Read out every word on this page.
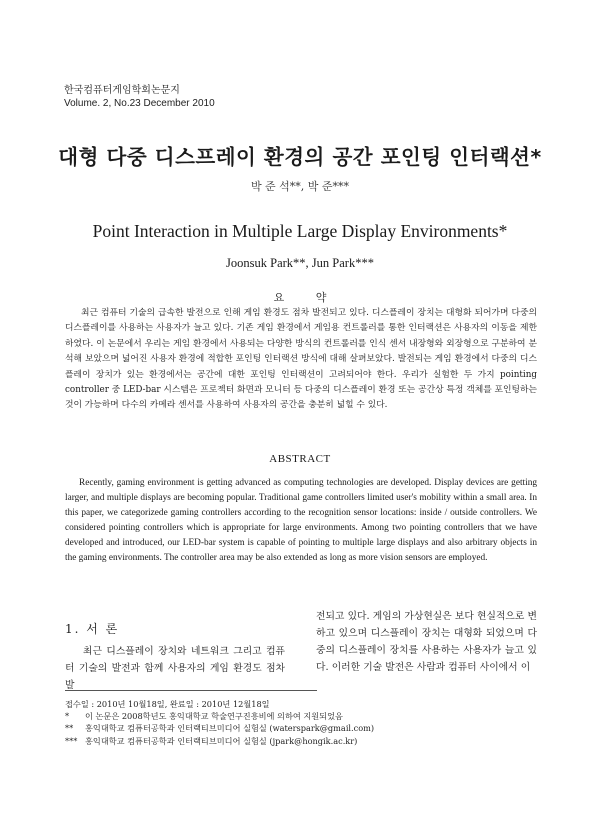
한국컴퓨터게임학회논문지
Volume. 2, No.23 December 2010
대형 다중 디스프레이 환경의 공간 포인팅 인터랙션*
박 준 석**, 박 준***
Point Interaction in Multiple Large Display Environments*
Joonsuk Park**, Jun Park***
요 약

최근 컴퓨터 기술의 급속한 발전으로 인해 게임 환경도 점차 발전되고 있다. 디스플레이 장치는 대형화 되어가며 다중의 디스플레이를 사용하는 사용자가 늘고 있다. 기존 게임 환경에서 게임용 컨트롤러를 통한 인터랙션은 사용자의 이동을 제한하였다. 이 논문에서 우리는 게임 환경에서 사용되는 다양한 방식의 컨트롤러를 인식 센서 내장형와 외장형으로 구분하여 분석해 보았으며 넓어진 사용자 환경에 적합한 포인팅 인터랙션 방식에 대해 살펴보았다. 발전되는 게임 환경에서 다중의 디스플레이 장치가 있는 환경에서는 공간에 대한 포인팅 인터랙션이 고려되어야 한다. 우리가 실험한 두 가지 pointing controller 중 LED-bar 시스템은 프로젝터 화면과 모니터 등 다중의 디스플레이 환경 또는 공간상 특정 객체를 포인팅하는 것이 가능하며 다수의 카메라 센서를 사용하여 사용자의 공간을 충분히 넓힐 수 있다.

ABSTRACT

Recently, gaming environment is getting advanced as computing technologies are developed. Display devices are getting larger, and multiple displays are becoming popular. Traditional game controllers limited user's mobility within a small area. In this paper, we categorizede gaming controllers according to the recognition sensor locations: inside / outside controllers. We considered pointing controllers which is appropriate for large environments. Among two pointing controllers that we have developed and introduced, our LED-bar system is capable of pointing to multiple large displays and also arbitrary objects in the gaming environments. The controller area may be also extended as long as more vision sensors are employed.

1. 서 론

최근 디스플레이 장치와 네트워크 그리고 컴퓨터 기술의 발전과 함께 사용자의 게임 환경도 점차 발

전되고 있다. 게임의 가상현실은 보다 현실적으로 변하고 있으며 디스플레이 장치는 대형화 되었으며 다중의 디스플레이 장치를 사용하는 사용자가 늘고 있다. 이러한 기술 발전은 사람과 컴퓨터 사이에서 이

접수일 : 2010년 10월18일, 완료일 : 2010년 12월18일
* 이 논문은 2008학년도 홍익대학교 학술연구진흥비에 의하여 지원되었음
** 홍익대학교 컴퓨터공학과 인터랙티브미디어 실험실 (waterspark@gmail.com)
*** 홍익대학교 컴퓨터공학과 인터랙티브미디어 실험실 (jpark@hongik.ac.kr)
